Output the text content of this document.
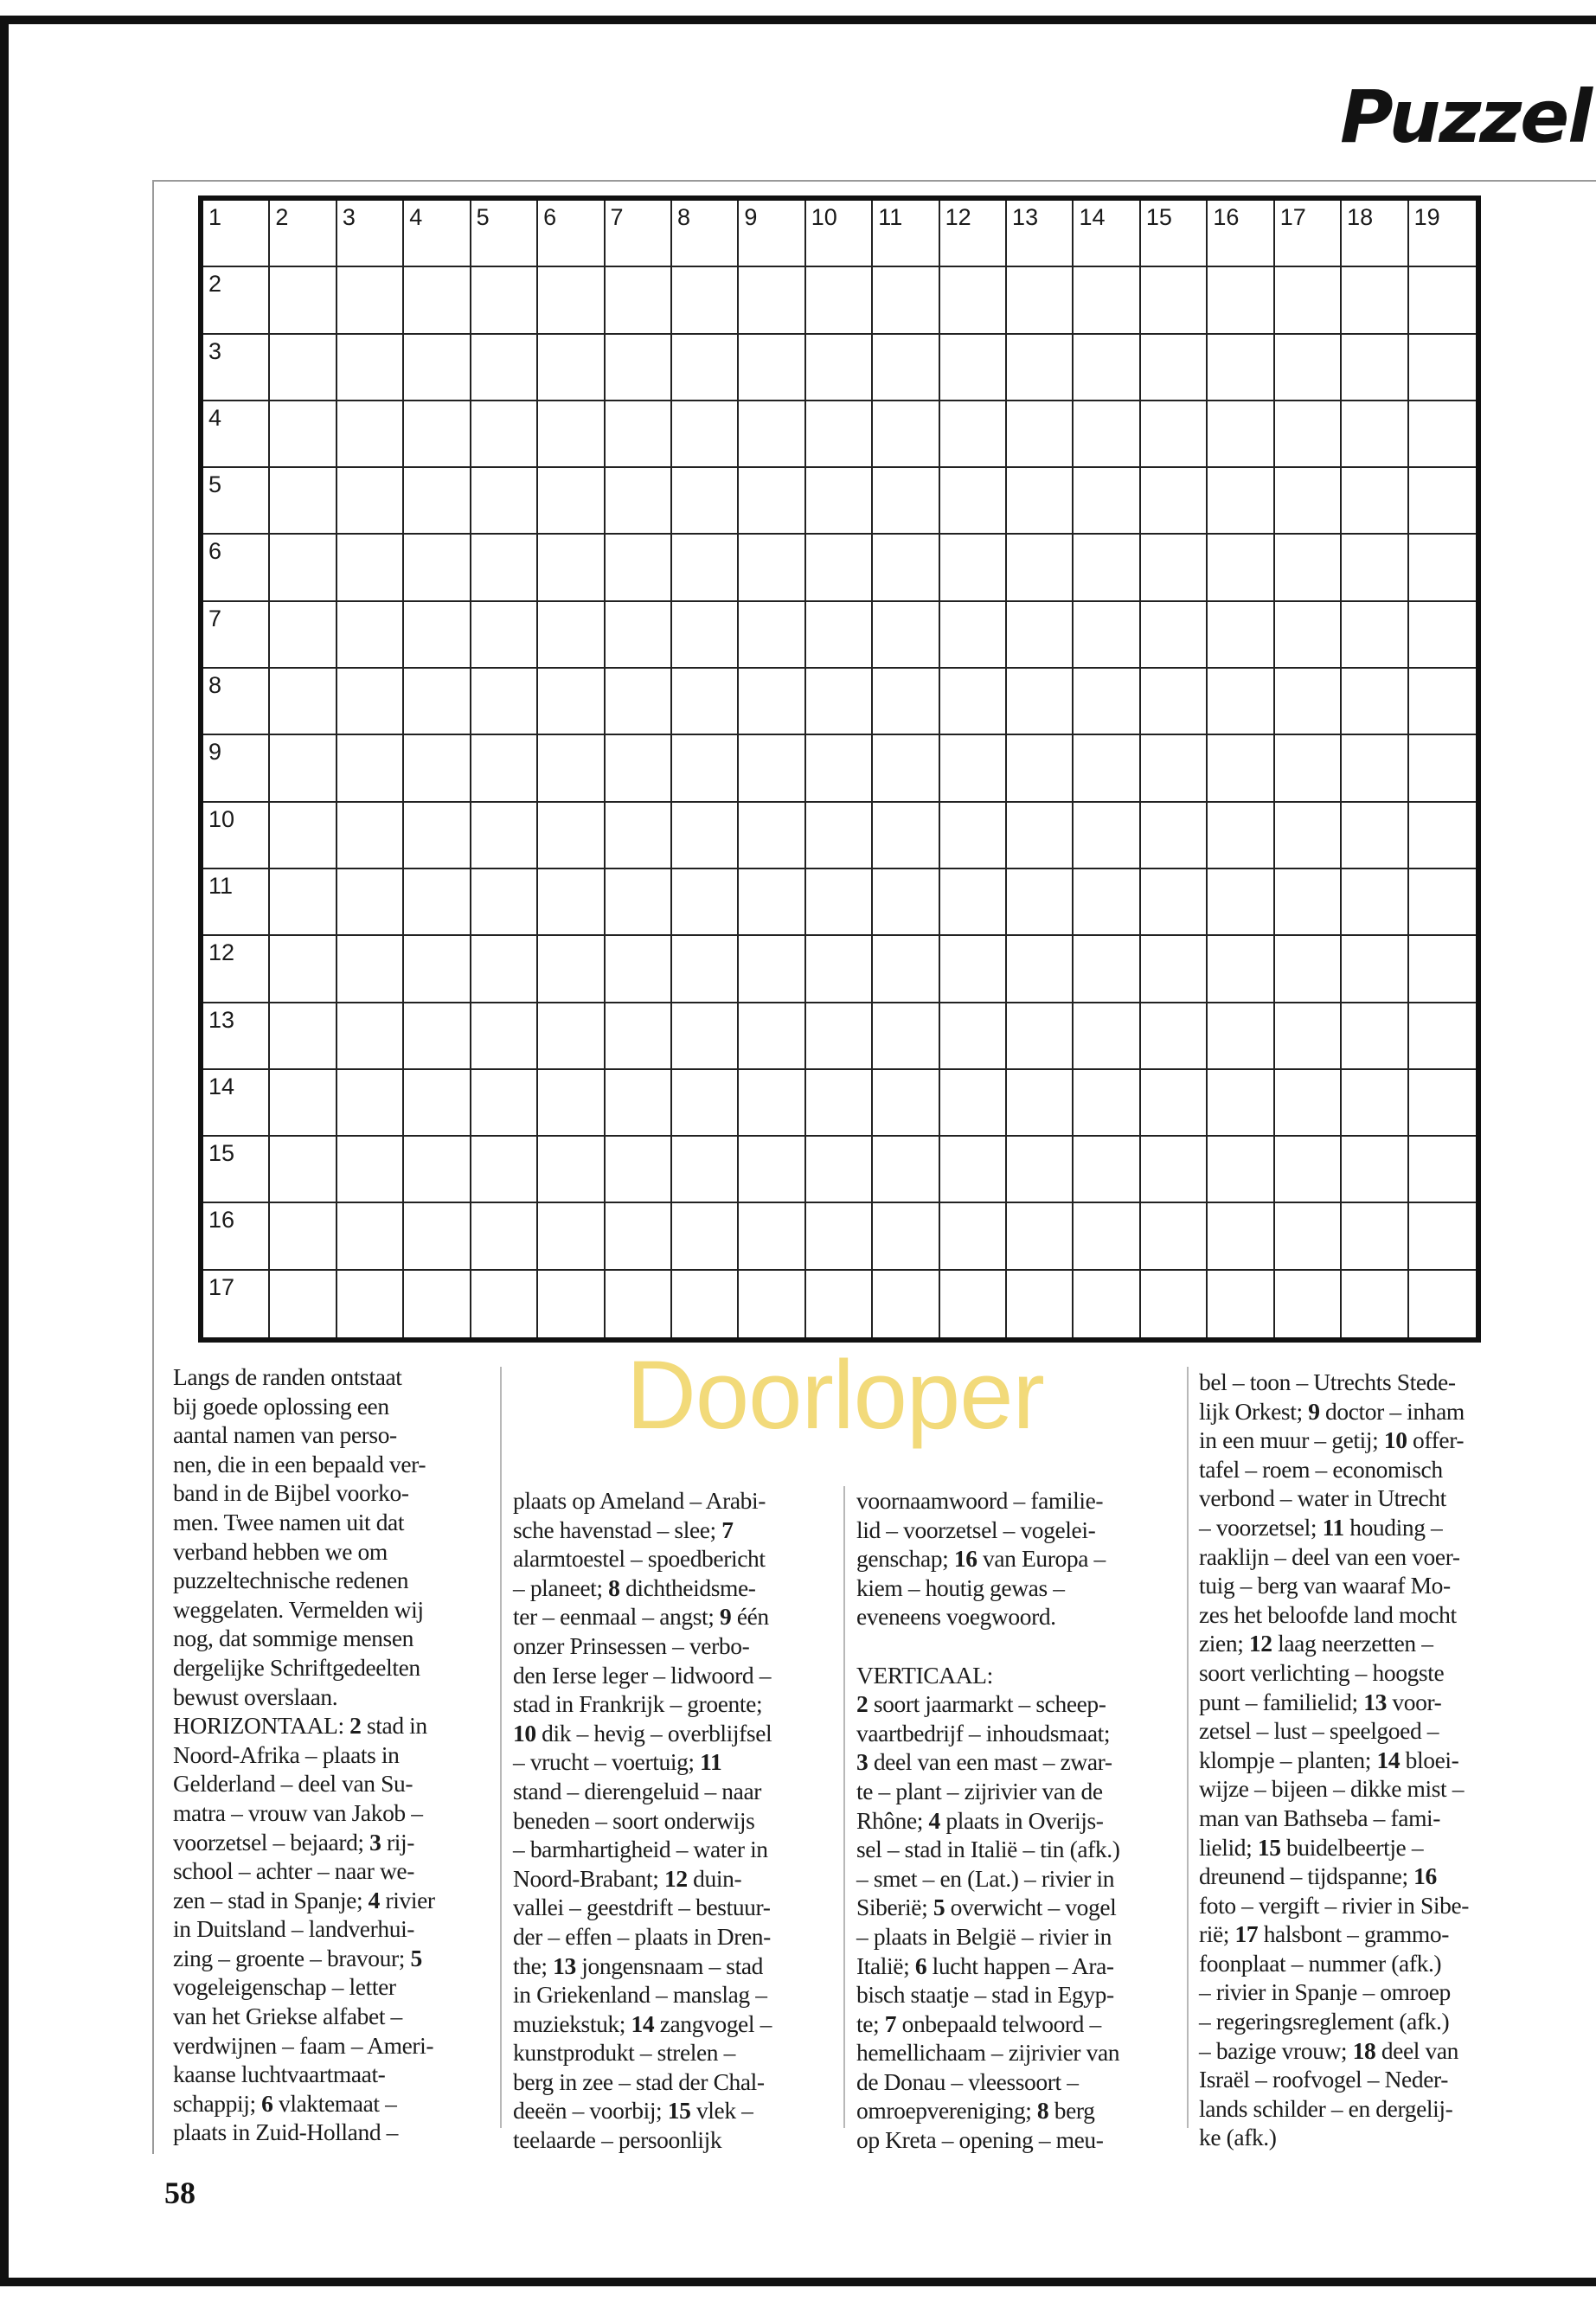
Puzzel
1 2 3 4 5 6 7 8 9 10 11 12 13 14 15 16 17 18 19
2
3
4
5
6
7
8
9
10
11
12
13
14
15
16
17
Doorloper
Langs de randen ontstaat
bij goede oplossing een
aantal namen van perso-
nen, die in een bepaald ver-
band in de Bijbel voorko-
men. Twee namen uit dat
verband hebben we om
puzzeltechnische redenen
weggelaten. Vermelden wij
nog, dat sommige mensen
dergelijke Schriftgedeelten
bewust overslaan.
HORIZONTAAL: 2 stad in
Noord-Afrika – plaats in
Gelderland – deel van Su-
matra – vrouw van Jakob –
voorzetsel – bejaard; 3 rij-
school – achter – naar we-
zen – stad in Spanje; 4 rivier
in Duitsland – landverhui-
zing – groente – bravour; 5
vogeleigenschap – letter
van het Griekse alfabet –
verdwijnen – faam – Ameri-
kaanse luchtvaartmaat-
schappij; 6 vlaktemaat –
plaats in Zuid-Holland –
plaats op Ameland – Arabi-
sche havenstad – slee; 7
alarmtoestel – spoedbericht
– planeet; 8 dichtheidsme-
ter – eenmaal – angst; 9 één
onzer Prinsessen – verbo-
den Ierse leger – lidwoord –
stad in Frankrijk – groente;
10 dik – hevig – overblijfsel
– vrucht – voertuig; 11
stand – dierengeluid – naar
beneden – soort onderwijs
– barmhartigheid – water in
Noord-Brabant; 12 duin-
vallei – geestdrift – bestuur-
der – effen – plaats in Dren-
the; 13 jongensnaam – stad
in Griekenland – manslag –
muziekstuk; 14 zangvogel –
kunstprodukt – strelen –
berg in zee – stad der Chal-
deeën – voorbij; 15 vlek –
teelaarde – persoonlijk
voornaamwoord – familie-
lid – voorzetsel – vogelei-
genschap; 16 van Europa –
kiem – houtig gewas –
eveneens voegwoord.

VERTICAAL:
2 soort jaarmarkt – scheep-
vaartbedrijf – inhoudsmaat;
3 deel van een mast – zwar-
te – plant – zijrivier van de
Rhône; 4 plaats in Overijs-
sel – stad in Italië – tin (afk.)
– smet – en (Lat.) – rivier in
Siberië; 5 overwicht – vogel
– plaats in België – rivier in
Italië; 6 lucht happen – Ara-
bisch staatje – stad in Egyp-
te; 7 onbepaald telwoord –
hemellichaam – zijrivier van
de Donau – vleessoort –
omroepvereniging; 8 berg
op Kreta – opening – meu-
bel – toon – Utrechts Stede-
lijk Orkest; 9 doctor – inham
in een muur – getij; 10 offer-
tafel – roem – economisch
verbond – water in Utrecht
– voorzetsel; 11 houding –
raaklijn – deel van een voer-
tuig – berg van waaraf Mo-
zes het beloofde land mocht
zien; 12 laag neerzetten –
soort verlichting – hoogste
punt – familielid; 13 voor-
zetsel – lust – speelgoed –
klompje – planten; 14 bloei-
wijze – bijeen – dikke mist –
man van Bathseba – fami-
lielid; 15 buidelbeertje –
dreunend – tijdspanne; 16
foto – vergift – rivier in Sibe-
rië; 17 halsbont – grammo-
foonplaat – nummer (afk.)
– rivier in Spanje – omroep
– regeringsreglement (afk.)
– bazige vrouw; 18 deel van
Israël – roofvogel – Neder-
lands schilder – en dergelij-
ke (afk.)
58
